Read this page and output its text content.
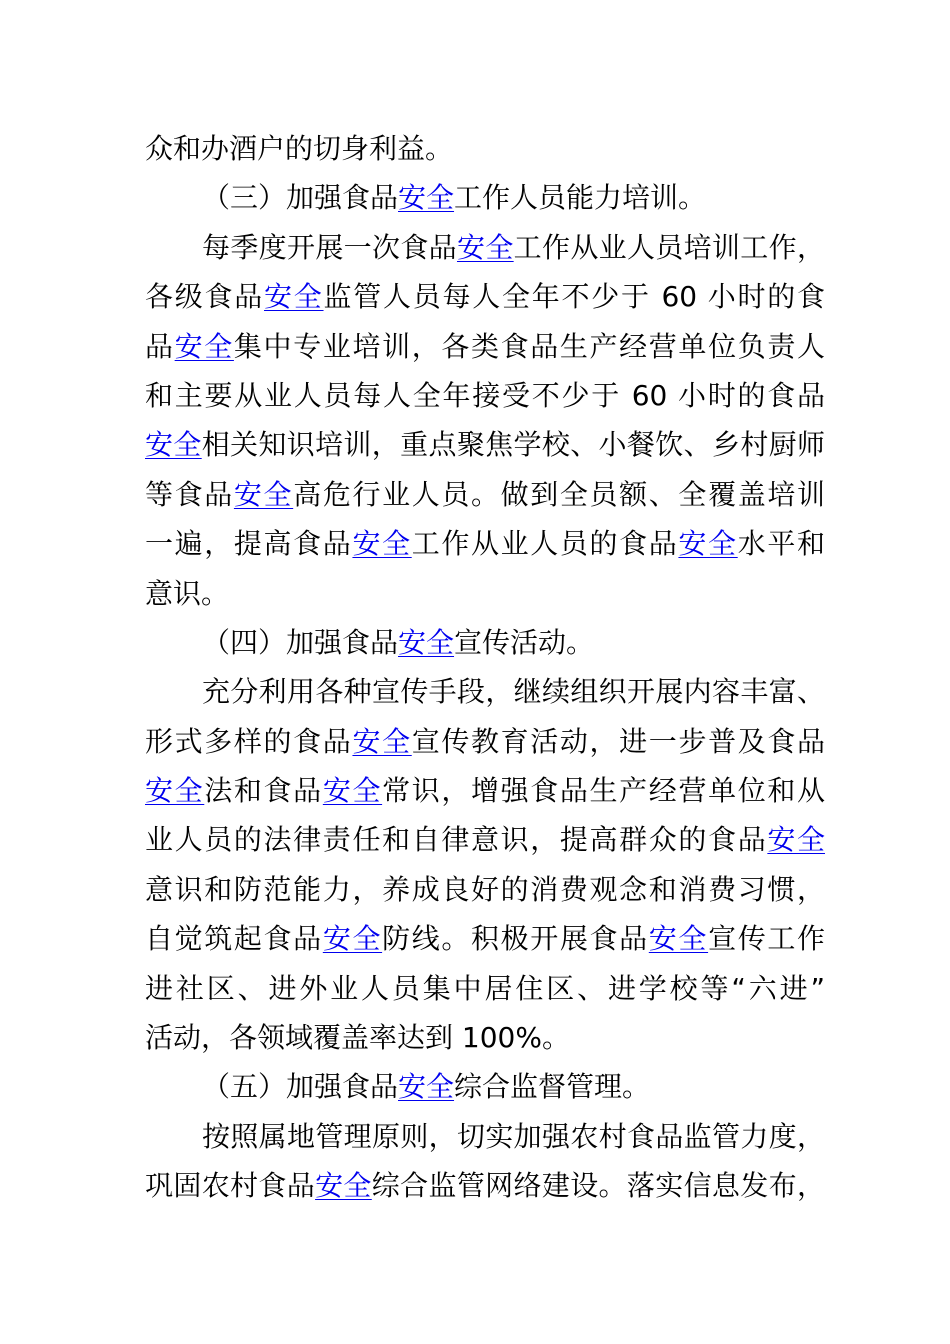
众和办酒户的切身利益。
（三）加强食品安全工作人员能力培训。
每季度开展一次食品安全工作从业人员培训工作，
各级食品安全监管人员每人全年不少于 60 小时的食
品安全集中专业培训，各类食品生产经营单位负责人
和主要从业人员每人全年接受不少于 60 小时的食品
安全相关知识培训，重点聚焦学校、小餐饮、乡村厨师
等食品安全高危行业人员。做到全员额、全覆盖培训
一遍，提高食品安全工作从业人员的食品安全水平和
意识。
（四）加强食品安全宣传活动。
充分利用各种宣传手段，继续组织开展内容丰富、
形式多样的食品安全宣传教育活动，进一步普及食品
安全法和食品安全常识，增强食品生产经营单位和从
业人员的法律责任和自律意识，提高群众的食品安全
意识和防范能力，养成良好的消费观念和消费习惯，
自觉筑起食品安全防线。积极开展食品安全宣传工作
进社区、进外业人员集中居住区、进学校等“六进”
活动，各领域覆盖率达到 100%。
（五）加强食品安全综合监督管理。
按照属地管理原则，切实加强农村食品监管力度，
巩固农村食品安全综合监管网络建设。落实信息发布，
